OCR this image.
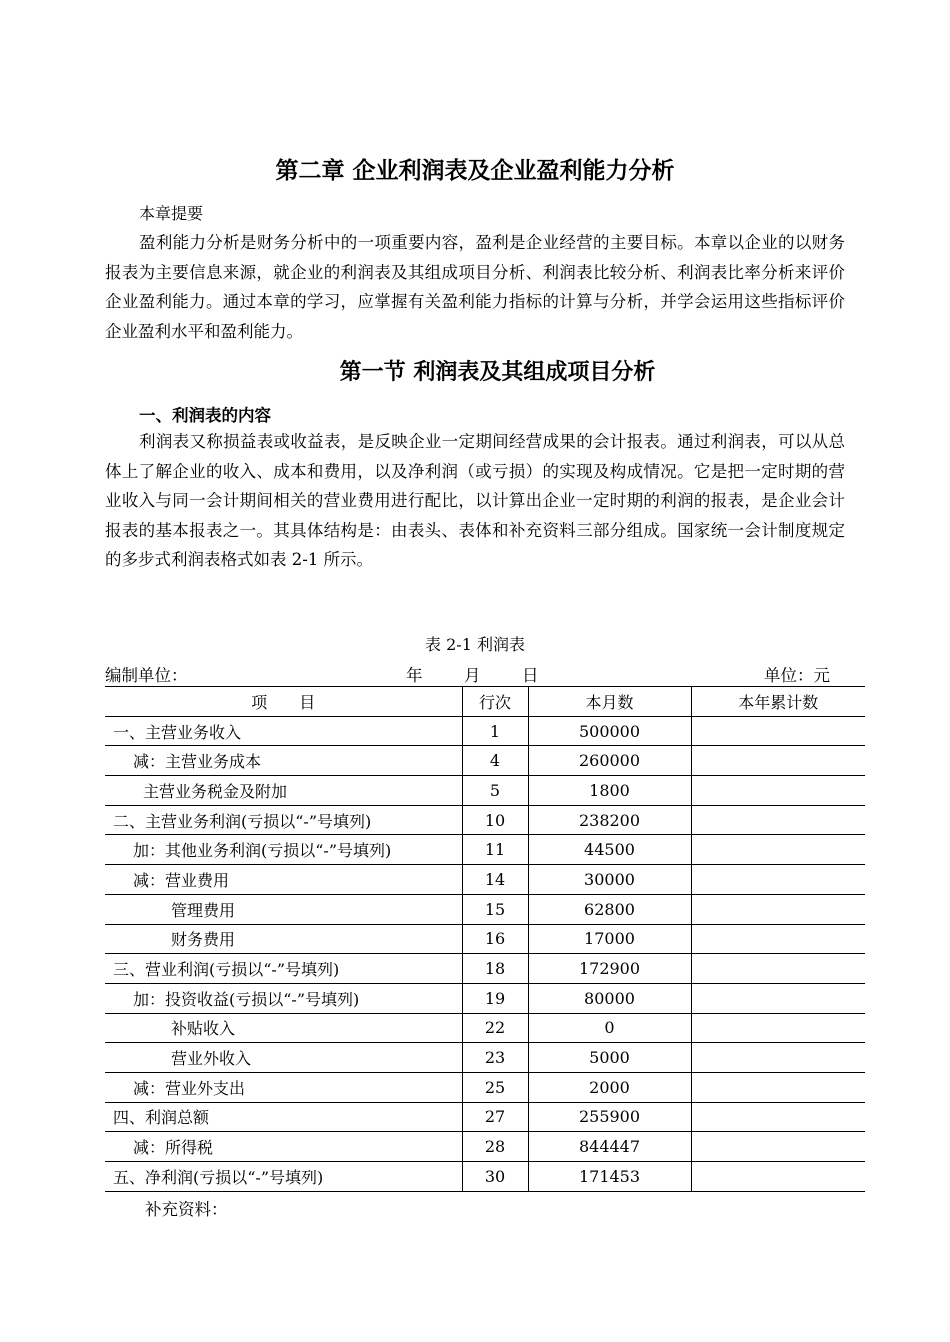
第二章 企业利润表及企业盈利能力分析
本章提要

盈利能力分析是财务分析中的一项重要内容，盈利是企业经营的主要目标。本章以企业的以财务报表为主要信息来源，就企业的利润表及其组成项目分析、利润表比较分析、利润表比率分析来评价企业盈利能力。通过本章的学习，应掌握有关盈利能力指标的计算与分析，并学会运用这些指标评价企业盈利水平和盈利能力。

第一节 利润表及其组成项目分析
一、利润表的内容

利润表又称损益表或收益表，是反映企业一定期间经营成果的会计报表。通过利润表，可以从总体上了解企业的收入、成本和费用，以及净利润（或亏损）的实现及构成情况。它是把一定时期的营业收入与同一会计期间相关的营业费用进行配比，以计算出企业一定时期的利润的报表，是企业会计报表的基本报表之一。其具体结构是：由表头、表体和补充资料三部分组成。国家统一会计制度规定的多步式利润表格式如表 2-1 所示。

表 2-1 利润表
编制单位：	年	月	日	单位：元
项　　目	行次	本月数	本年累计数
一、主营业务收入	1	500000	
减：主营业务成本	4	260000	
主营业务税金及附加	5	1800	
二、主营业务利润(亏损以“-”号填列)	10	238200	
加：其他业务利润(亏损以“-”号填列)	11	44500	
减：营业费用	14	30000	
管理费用	15	62800	
财务费用	16	17000	
三、营业利润(亏损以“-”号填列)	18	172900	
加：投资收益(亏损以“-”号填列)	19	80000	
补贴收入	22	0	
营业外收入	23	5000	
减：营业外支出	25	2000	
四、利润总额	27	255900	
减：所得税	28	844447	
五、净利润(亏损以“-”号填列)	30	171453	
补充资料：
